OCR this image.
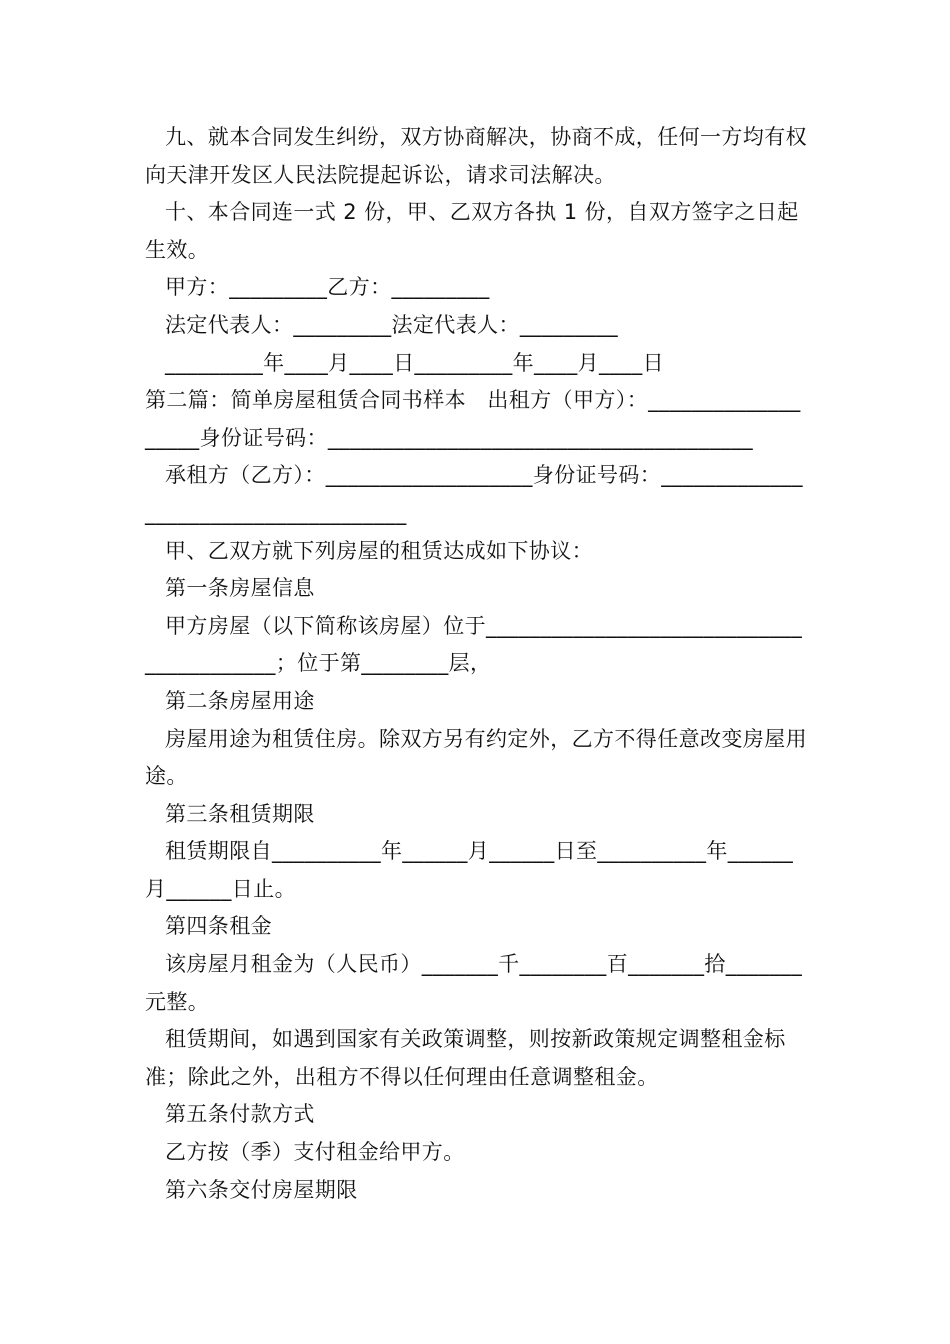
九、就本合同发生纠纷，双方协商解决，协商不成，任何一方均有权向天津开发区人民法院提起诉讼，请求司法解决。

十、本合同连一式 2 份，甲、乙双方各执 1 份，自双方签字之日起生效。

甲方：_________乙方：_________

法定代表人：_________法定代表人：_________

_________年____月____日_________年____月____日

第二篇：简单房屋租赁合同书样本　出租方（甲方）：___________________身份证号码：_______________________________________

承租方（乙方）：___________________身份证号码：_____________________________________

甲、乙双方就下列房屋的租赁达成如下协议：

第一条房屋信息

甲方房屋（以下简称该房屋）位于_________________________________________；位于第________层，

第二条房屋用途

房屋用途为租赁住房。除双方另有约定外，乙方不得任意改变房屋用途。

第三条租赁期限

租赁期限自__________年______月______日至__________年______月______日止。

第四条租金

该房屋月租金为（人民币）_______千________百_______拾_______元整。

租赁期间，如遇到国家有关政策调整，则按新政策规定调整租金标准；除此之外，出租方不得以任何理由任意调整租金。

第五条付款方式

乙方按（季）支付租金给甲方。

第六条交付房屋期限
